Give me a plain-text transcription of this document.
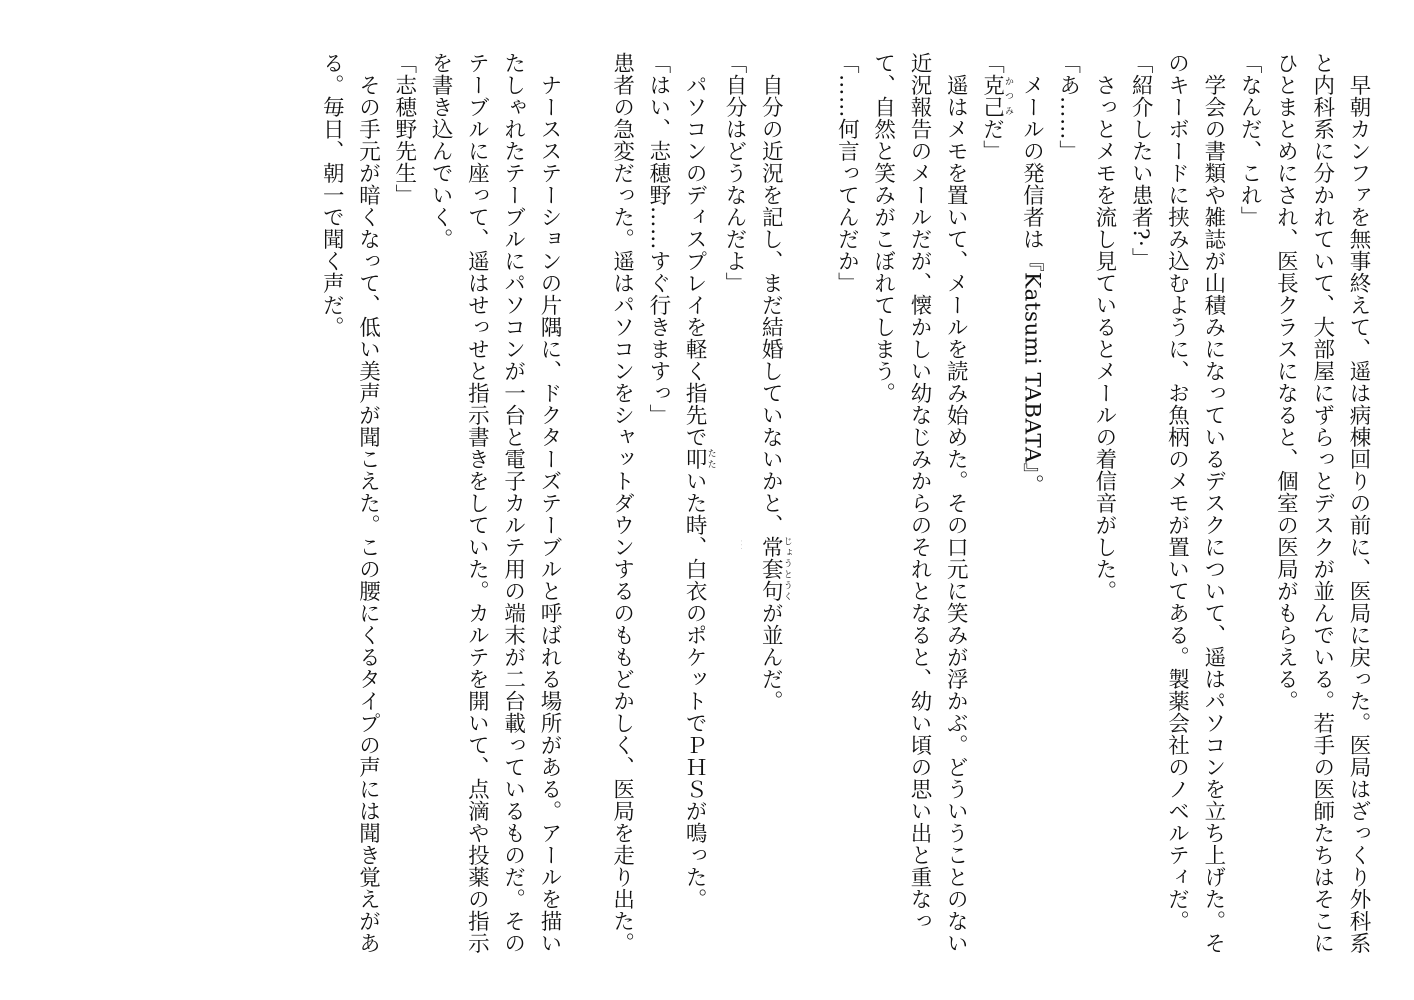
早朝カンファを無事終えて、遥は病棟回りの前に、医局に戻った。医局はざっくり外科系と内科系に分かれていて、大部屋にずらっとデスクが並んでいる。若手の医師たちはそこにひとまとめにされ、医長クラスになると、個室の医局がもらえる。

「なんだ、これ」

学会の書類や雑誌が山積みになっているデスクについて、遥はパソコンを立ち上げた。そのキーボードに挟み込むように、お魚柄のメモが置いてある。製薬会社のノベルティだ。

「紹介したい患者?·」

さっとメモを流し見ているとメールの着信音がした。

「あ……」

メールの発信者は『Katsumi TABATA』。

「克己かつみだ」

遥はメモを置いて、メールを読み始めた。その口元に笑みが浮かぶ。どういうことのない近況報告のメールだが、懐かしい幼なじみからのそれとなると、幼い頃の思い出と重なって、自然と笑みがこぼれてしまう。

「……何言ってんだか」

自分の近況を記し、まだ結婚していないかと、常套句じょうとうくが並んだ。

「自分はどうなんだよ」

パソコンのディスプレイを軽く指先で叩たたいた時、白衣のポケットでＰＨＳが鳴った。

「はい、志穂野……すぐ行きますっ」

患者の急変だった。遥はパソコンをシャットダウンするのももどかしく、医局を走り出た。

ナースステーションの片隅に、ドクターズテーブルと呼ばれる場所がある。アールを描いたしゃれたテーブルにパソコンが一台と電子カルテ用の端末が二台載っているものだ。そのテーブルに座って、遥はせっせと指示書きをしていた。カルテを開いて、点滴や投薬の指示を書き込んでいく。

「志穂野先生」

その手元が暗くなって、低い美声が聞こえた。この腰にくるタイプの声には聞き覚えがある。毎日、朝一で聞く声だ。

· · ·
